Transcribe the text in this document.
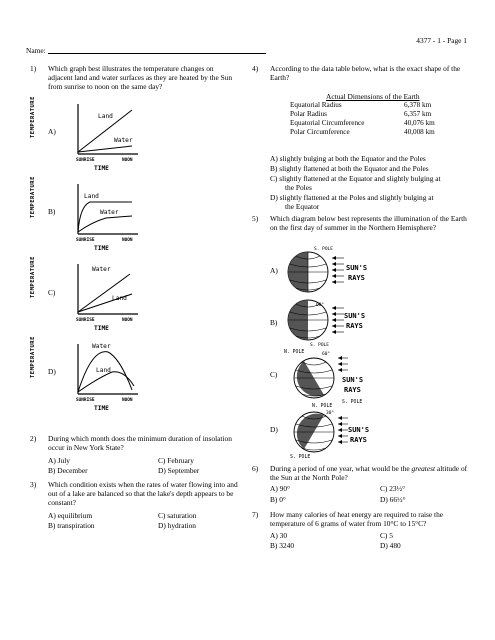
4377 - 1 - Page 1
Name:
1) Which graph best illustrates the temperature changes on adjacent land and water surfaces as they are heated by the Sun from sunrise to noon on the same day?
A)
B)
C)
D)
TEMPERATURE	Land
Water
SUNRISE	NOON
TIME
TEMPERATURE	Land
Water
SUNRISE	NOON
TIME
TEMPERATURE	Water
Land
SUNRISE	NOON
TIME
TEMPERATURE	Water
Land
SUNRISE	NOON
TIME
2) During which month does the minimum duration of insolation occur in New York State?
A) July	C) February
B) December	D) September
3) Which condition exists when the rates of water flowing into and out of a lake are balanced so that the lake's depth appears to be constant?
A) equilibrium	C) saturation
B) transpiration	D) hydration
4) According to the data table below, what is the exact shape of the Earth?
Actual Dimensions of the Earth
Equatorial Radius	6,378 km
Polar Radius	6,357 km
Equatorial Circumference	40,076 km
Polar Circumference	40,008 km
A) slightly bulging at both the Equator and the Poles
B) slightly flattened at both the Equator and the Poles
C) slightly flattened at the Equator and slightly bulging at
the Poles
D) slightly flattened at the Poles and slightly bulging at
the Equator
5) Which diagram below best represents the illumination of the Earth on the first day of summer in the Northern Hemisphere?
A)
B)
C)
D)
SUN'S
RAYS
S. POLE
SUN'S
RAYS
60°
S. POLE
N. POLE
SUN'S
RAYS
60°
S. POLE
N. POLE
SUN'S
RAYS
30°
S. POLE
6) During a period of one year, what would be the greatest altitude of the Sun at the North Pole?
A) 90°	C) 23½°
B) 0°	D) 66½°
7) How many calories of heat energy are required to raise the temperature of 6 grams of water from 10°C to 15°C?
A) 30	C) 5
B) 3240	D) 480
